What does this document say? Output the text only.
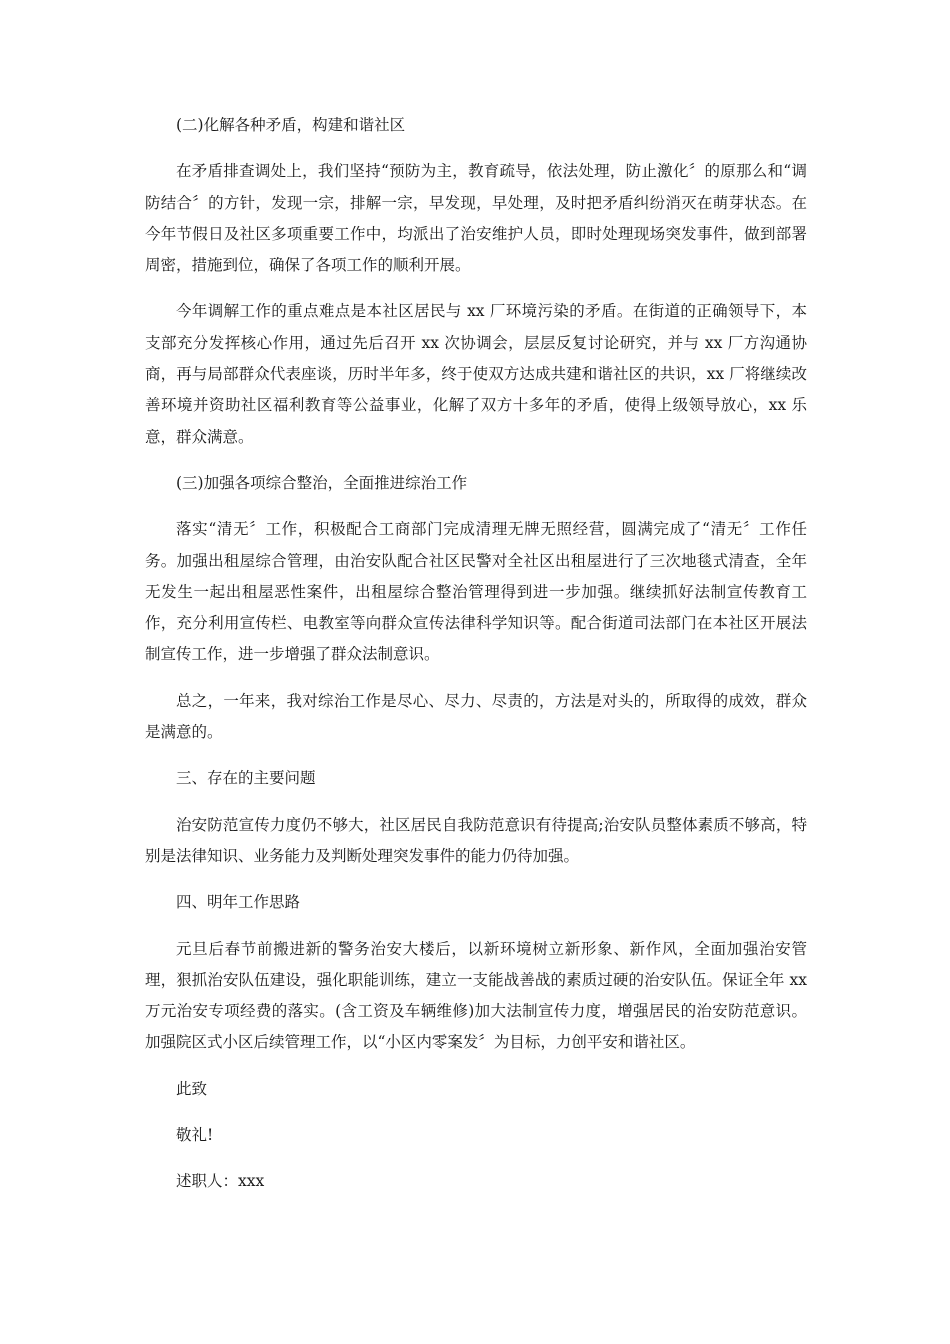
(二)化解各种矛盾，构建和谐社区
在矛盾排查调处上，我们坚持“预防为主，教育疏导，依法处理，防止激化〞的原那么和“调防结合〞的方针，发现一宗，排解一宗，早发现，早处理，及时把矛盾纠纷消灭在萌芽状态。在今年节假日及社区多项重要工作中，均派出了治安维护人员，即时处理现场突发事件，做到部署周密，措施到位，确保了各项工作的顺利开展。
今年调解工作的重点难点是本社区居民与 xx 厂环境污染的矛盾。在街道的正确领导下，本支部充分发挥核心作用，通过先后召开 xx 次协调会，层层反复讨论研究，并与 xx 厂方沟通协商，再与局部群众代表座谈，历时半年多，终于使双方达成共建和谐社区的共识，xx 厂将继续改善环境并资助社区福利教育等公益事业，化解了双方十多年的矛盾，使得上级领导放心，xx 乐意，群众满意。
(三)加强各项综合整治，全面推进综治工作
落实“清无〞工作，积极配合工商部门完成清理无牌无照经营，圆满完成了“清无〞工作任务。加强出租屋综合管理，由治安队配合社区民警对全社区出租屋进行了三次地毯式清查，全年无发生一起出租屋恶性案件，出租屋综合整治管理得到进一步加强。继续抓好法制宣传教育工作，充分利用宣传栏、电教室等向群众宣传法律科学知识等。配合街道司法部门在本社区开展法制宣传工作，进一步增强了群众法制意识。
总之，一年来，我对综治工作是尽心、尽力、尽责的，方法是对头的，所取得的成效，群众是满意的。
三、存在的主要问题
治安防范宣传力度仍不够大，社区居民自我防范意识有待提高;治安队员整体素质不够高，特别是法律知识、业务能力及判断处理突发事件的能力仍待加强。
四、明年工作思路
元旦后春节前搬进新的警务治安大楼后，以新环境树立新形象、新作风，全面加强治安管理，狠抓治安队伍建设，强化职能训练，建立一支能战善战的素质过硬的治安队伍。保证全年 xx 万元治安专项经费的落实。(含工资及车辆维修)加大法制宣传力度，增强居民的治安防范意识。加强院区式小区后续管理工作，以“小区内零案发〞为目标，力创平安和谐社区。
此致
敬礼!
述职人：xxx
